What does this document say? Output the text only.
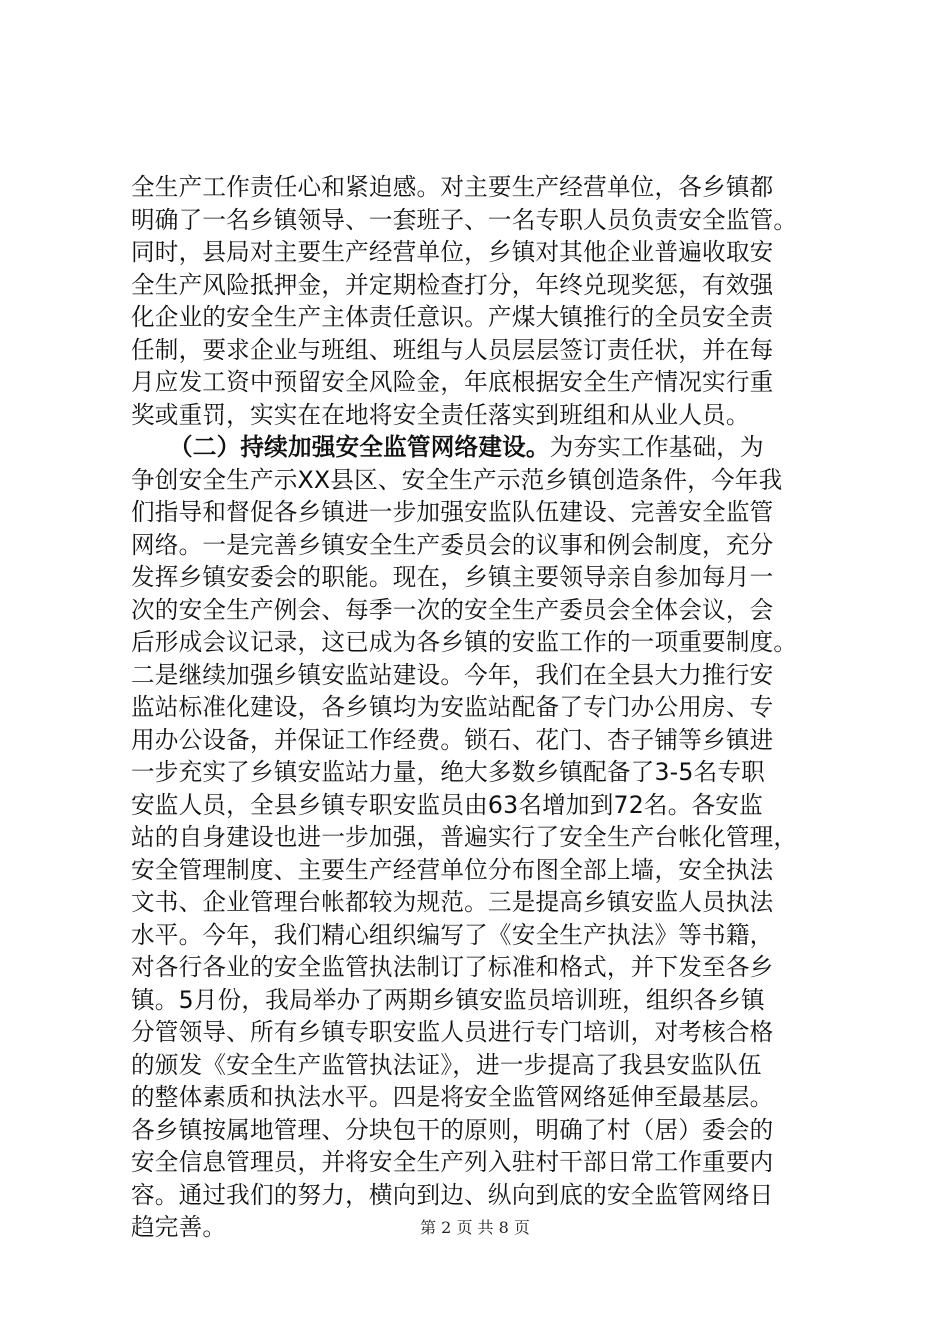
全生产工作责任心和紧迫感。对主要生产经营单位，各乡镇都
明确了一名乡镇领导、一套班子、一名专职人员负责安全监管。
同时，县局对主要生产经营单位，乡镇对其他企业普遍收取安
全生产风险抵押金，并定期检查打分，年终兑现奖惩，有效强
化企业的安全生产主体责任意识。产煤大镇推行的全员安全责
任制，要求企业与班组、班组与人员层层签订责任状，并在每
月应发工资中预留安全风险金，年底根据安全生产情况实行重
奖或重罚，实实在在地将安全责任落实到班组和从业人员。
（二）持续加强安全监管网络建设。为夯实工作基础，为
争创安全生产示XX县区、安全生产示范乡镇创造条件，今年我
们指导和督促各乡镇进一步加强安监队伍建设、完善安全监管
网络。一是完善乡镇安全生产委员会的议事和例会制度，充分
发挥乡镇安委会的职能。现在，乡镇主要领导亲自参加每月一
次的安全生产例会、每季一次的安全生产委员会全体会议，会
后形成会议记录，这已成为各乡镇的安监工作的一项重要制度。
二是继续加强乡镇安监站建设。今年，我们在全县大力推行安
监站标准化建设，各乡镇均为安监站配备了专门办公用房、专
用办公设备，并保证工作经费。锁石、花门、杏子铺等乡镇进
一步充实了乡镇安监站力量，绝大多数乡镇配备了3-5名专职
安监人员，全县乡镇专职安监员由63名增加到72名。各安监
站的自身建设也进一步加强，普遍实行了安全生产台帐化管理，
安全管理制度、主要生产经营单位分布图全部上墙，安全执法
文书、企业管理台帐都较为规范。三是提高乡镇安监人员执法
水平。今年，我们精心组织编写了《安全生产执法》等书籍，
对各行各业的安全监管执法制订了标准和格式，并下发至各乡
镇。5月份，我局举办了两期乡镇安监员培训班，组织各乡镇
分管领导、所有乡镇专职安监人员进行专门培训，对考核合格
的颁发《安全生产监管执法证》，进一步提高了我县安监队伍
的整体素质和执法水平。四是将安全监管网络延伸至最基层。
各乡镇按属地管理、分块包干的原则，明确了村（居）委会的
安全信息管理员，并将安全生产列入驻村干部日常工作重要内
容。通过我们的努力，横向到边、纵向到底的安全监管网络日
趋完善。	第 2 页 共 8 页
